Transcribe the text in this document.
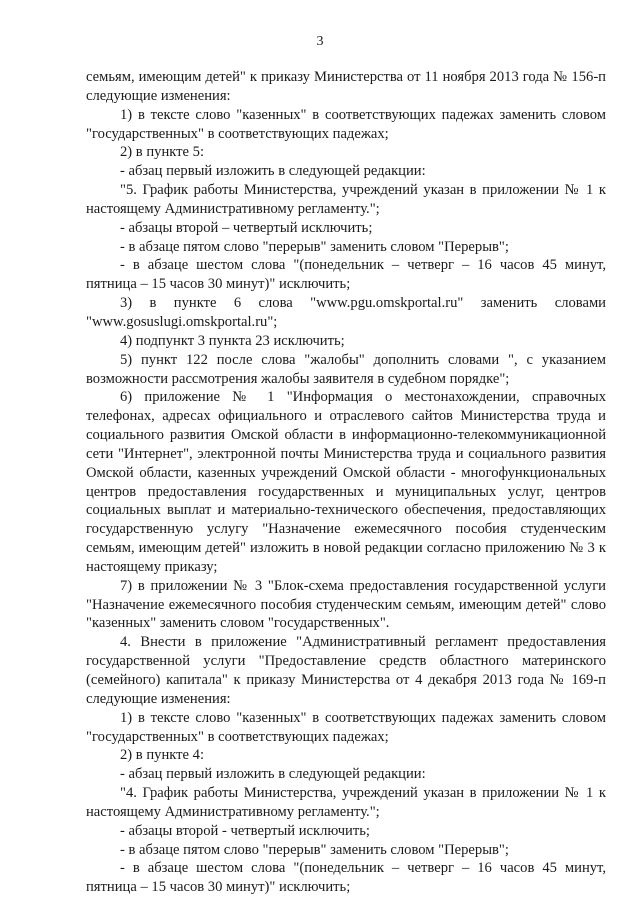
3

семьям, имеющим детей" к приказу Министерства от 11 ноября 2013 года № 156-п следующие изменения:

1) в тексте слово "казенных" в соответствующих падежах заменить словом "государственных" в соответствующих падежах;

2) в пункте 5:

- абзац первый изложить в следующей редакции:

"5. График работы Министерства, учреждений указан в приложении № 1 к настоящему Административному регламенту.";

- абзацы второй – четвертый исключить;

- в абзаце пятом слово "перерыв" заменить словом "Перерыв";

- в абзаце шестом слова "(понедельник – четверг – 16 часов 45 минут, пятница – 15 часов 30 минут)" исключить;

3) в пункте 6 слова "www.pgu.omskportal.ru" заменить словами "www.gosuslugi.omskportal.ru";

4) подпункт 3 пункта 23 исключить;

5) пункт 122 после слова "жалобы" дополнить словами ", с указанием возможности рассмотрения жалобы заявителя в судебном порядке";

6) приложение № 1 "Информация о местонахождении, справочных телефонах, адресах официального и отраслевого сайтов Министерства труда и социального развития Омской области в информационно-телекоммуникационной сети "Интернет", электронной почты Министерства труда и социального развития Омской области, казенных учреждений Омской области - многофункциональных центров предоставления государственных и муниципальных услуг, центров социальных выплат и материально-технического обеспечения, предоставляющих государственную услугу "Назначение ежемесячного пособия студенческим семьям, имеющим детей" изложить в новой редакции согласно приложению № 3 к настоящему приказу;

7) в приложении № 3 "Блок-схема предоставления государственной услуги "Назначение ежемесячного пособия студенческим семьям, имеющим детей" слово "казенных" заменить словом "государственных".

4. Внести в приложение "Административный регламент предоставления государственной услуги "Предоставление средств областного материнского (семейного) капитала" к приказу Министерства от 4 декабря 2013 года № 169-п следующие изменения:

1) в тексте слово "казенных" в соответствующих падежах заменить словом "государственных" в соответствующих падежах;

2) в пункте 4:

- абзац первый изложить в следующей редакции:

"4. График работы Министерства, учреждений указан в приложении № 1 к настоящему Административному регламенту.";

- абзацы второй - четвертый исключить;

- в абзаце пятом слово "перерыв" заменить словом "Перерыв";

- в абзаце шестом слова "(понедельник – четверг – 16 часов 45 минут, пятница – 15 часов 30 минут)" исключить;
